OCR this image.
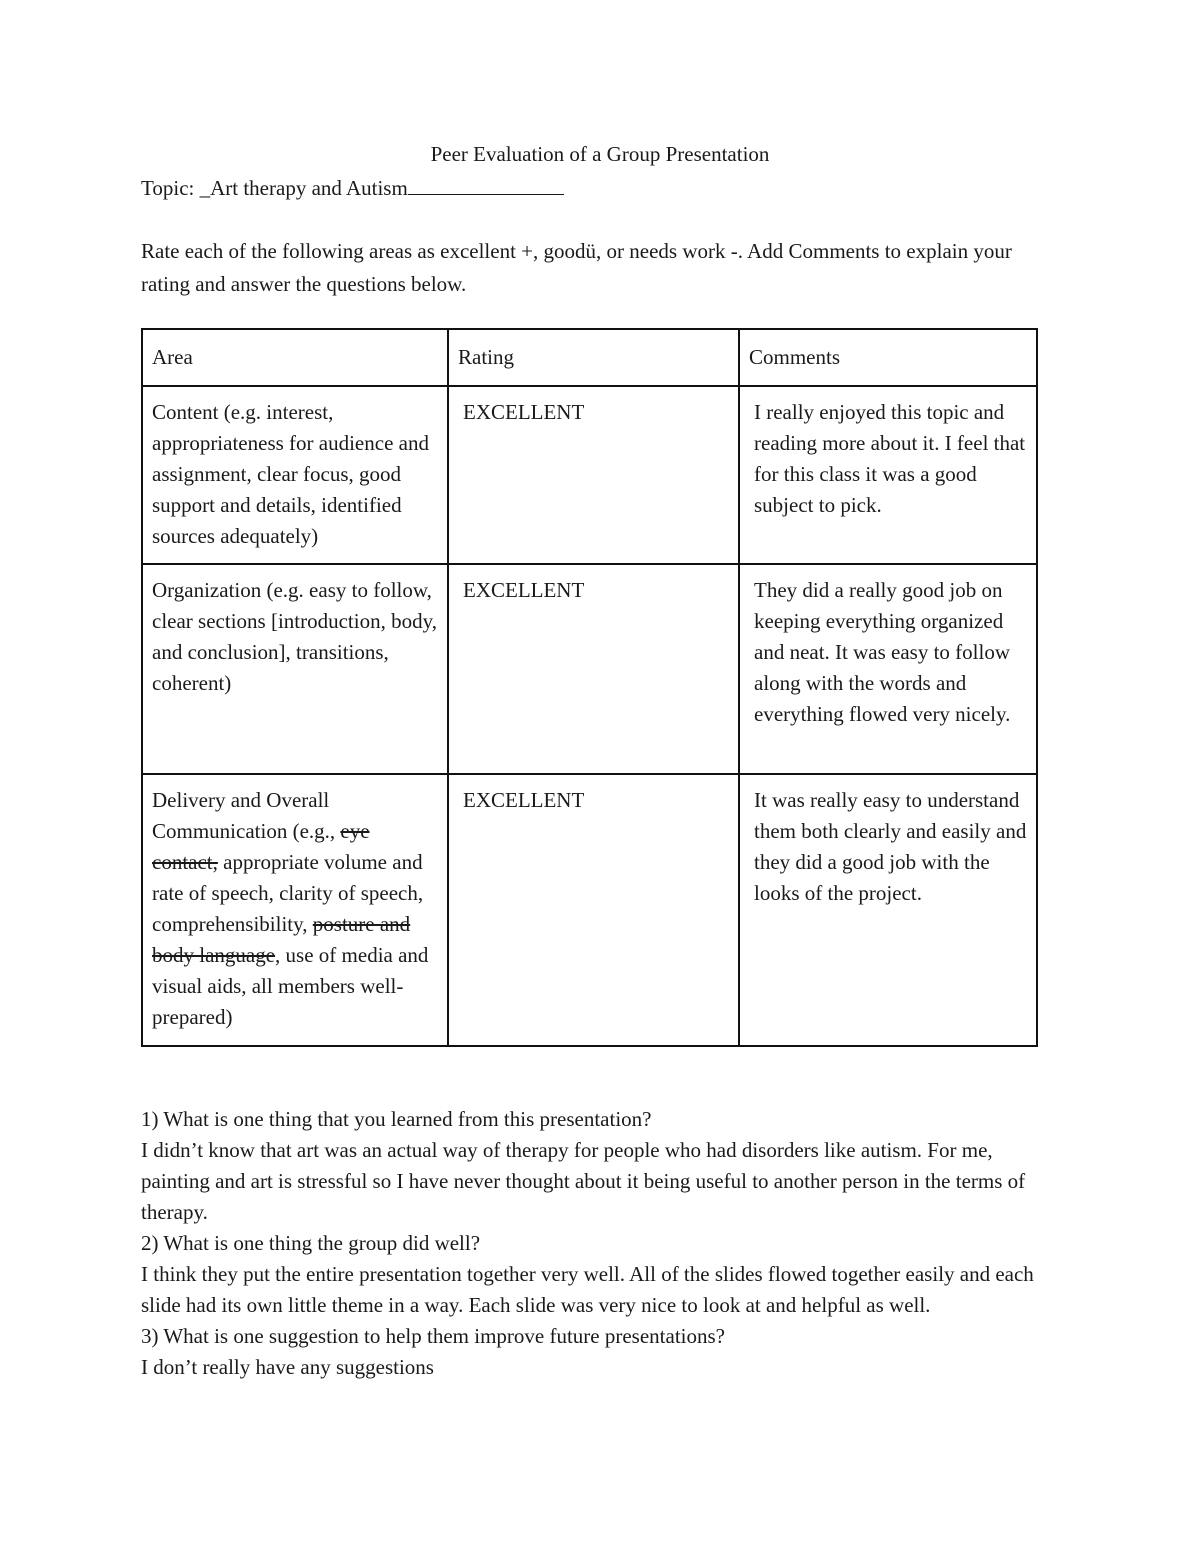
Peer Evaluation of a Group Presentation
Topic: _Art therapy and Autism
Rate each of the following areas as excellent +, goodü, or needs work -. Add Comments to explain your rating and answer the questions below.
Area	Rating	Comments
Content (e.g. interest, appropriateness for audience and assignment, clear focus, good support and details, identified sources adequately)	EXCELLENT	I really enjoyed this topic and reading more about it. I feel that for this class it was a good subject to pick.
Organization (e.g. easy to follow, clear sections [introduction, body, and conclusion], transitions, coherent)	EXCELLENT	They did a really good job on keeping everything organized and neat. It was easy to follow along with the words and everything flowed very nicely.
Delivery and Overall Communication (e.g., eye contact, appropriate volume and rate of speech, clarity of speech, comprehensibility, posture and body language, use of media and visual aids, all members well-prepared)	EXCELLENT	It was really easy to understand them both clearly and easily and they did a good job with the looks of the project.

1) What is one thing that you learned from this presentation?

I didn’t know that art was an actual way of therapy for people who had disorders like autism. For me, painting and art is stressful so I have never thought about it being useful to another person in the terms of therapy.

2) What is one thing the group did well?

I think they put the entire presentation together very well. All of the slides flowed together easily and each slide had its own little theme in a way. Each slide was very nice to look at and helpful as well.

3) What is one suggestion to help them improve future presentations?

I don’t really have any suggestions
